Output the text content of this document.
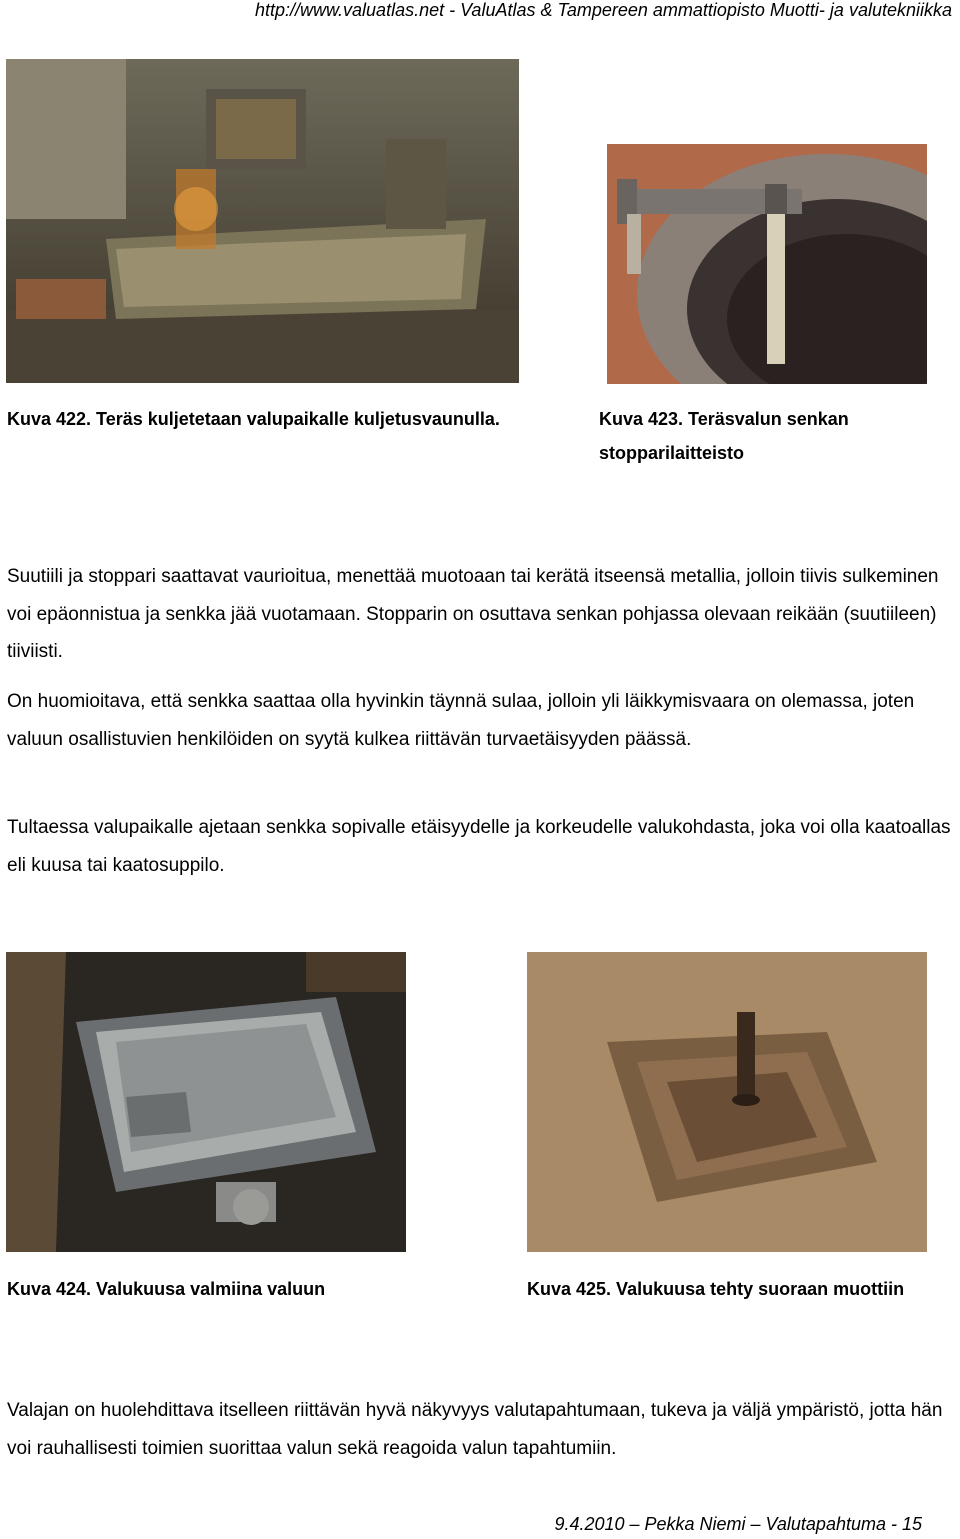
http://www.valuatlas.net - ValuAtlas & Tampereen ammattiopisto Muotti- ja valutekniikka
Kuva 422. Teräs kuljetetaan valupaikalle kuljetusvaunulla.	Kuva 423. Teräsvalun senkan
stopparilaitteisto

Suutiili ja stoppari saattavat vaurioitua, menettää muotoaan tai kerätä itseensä metallia, jolloin tiivis sulkeminen voi epäonnistua ja senkka jää vuotamaan. Stopparin on osuttava senkan pohjassa olevaan reikään (suutiileen) tiiviisti.

On huomioitava, että senkka saattaa olla hyvinkin täynnä sulaa, jolloin yli läikkymisvaara on olemassa, joten valuun osallistuvien henkilöiden on syytä kulkea riittävän turvaetäisyyden päässä.

Tultaessa valupaikalle ajetaan senkka sopivalle etäisyydelle ja korkeudelle valukohdasta, joka voi olla kaatoallas eli kuusa tai kaatosuppilo.

Kuva 424. Valukuusa valmiina valuun	Kuva 425. Valukuusa tehty suoraan muottiin

Valajan on huolehdittava itselleen riittävän hyvä näkyvyys valutapahtumaan, tukeva ja väljä ympäristö, jotta hän voi rauhallisesti toimien suorittaa valun sekä reagoida valun tapahtumiin.

9.4.2010 – Pekka Niemi – Valutapahtuma - 15
